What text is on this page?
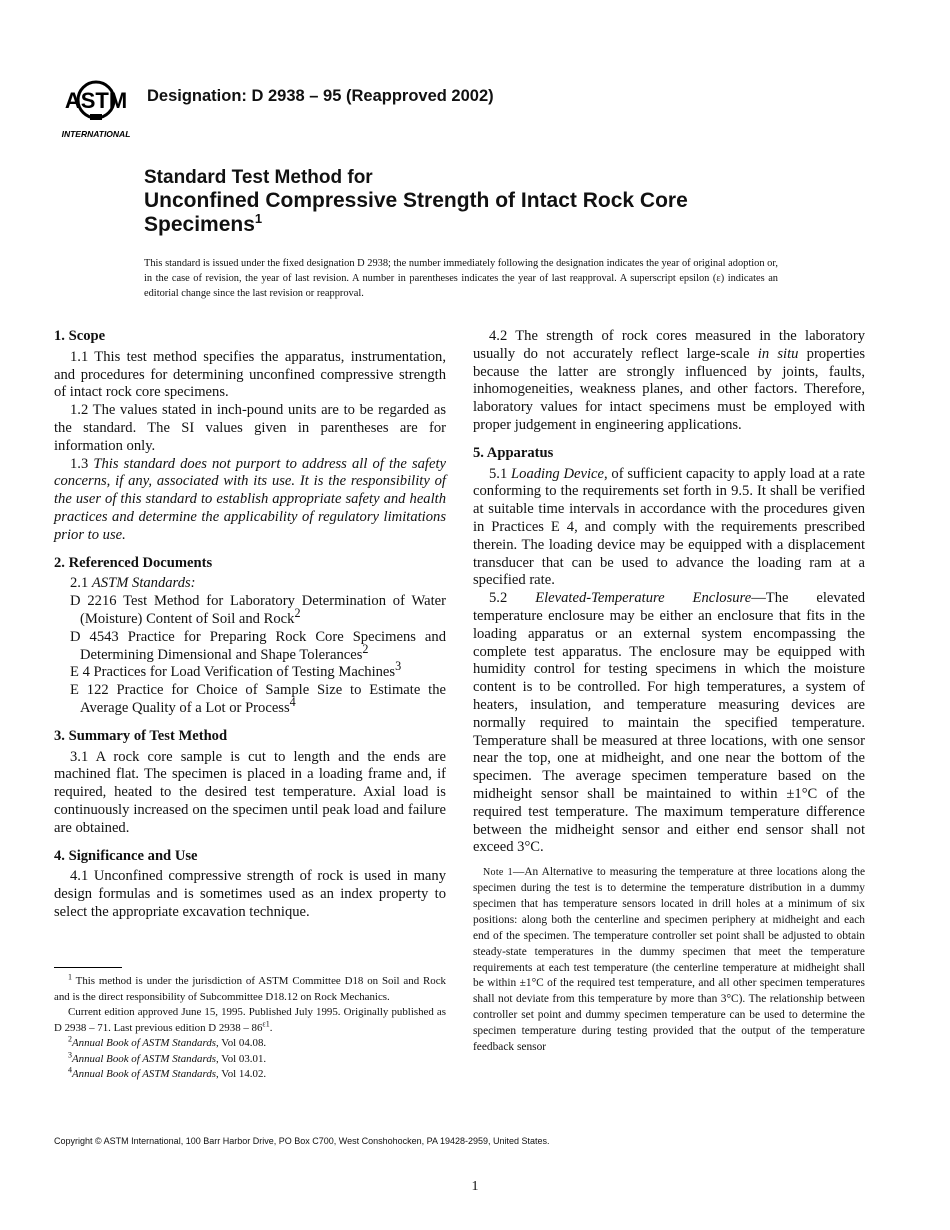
ASTM
INTERNATIONAL
Designation: D 2938 – 95 (Reapproved 2002)
Standard Test Method for
Unconfined Compressive Strength of Intact Rock Core
Specimens$^1$
This standard is issued under the fixed designation D 2938; the number immediately following the designation indicates the year of original adoption or, in the case of revision, the year of last revision. A number in parentheses indicates the year of last reapproval. A superscript epsilon (ε) indicates an editorial change since the last revision or reapproval.
1. Scope

1.1 This test method specifies the apparatus, instrumentation, and procedures for determining unconfined compressive strength of intact rock core specimens.

1.2 The values stated in inch-pound units are to be regarded as the standard. The SI values given in parentheses are for information only.

1.3 This standard does not purport to address all of the safety concerns, if any, associated with its use. It is the responsibility of the user of this standard to establish appropriate safety and health practices and determine the applicability of regulatory limitations prior to use.

2. Referenced Documents

2.1 ASTM Standards:

D 2216 Test Method for Laboratory Determination of Water (Moisture) Content of Soil and Rock$^2$

D 4543 Practice for Preparing Rock Core Specimens and Determining Dimensional and Shape Tolerances$^2$

E 4 Practices for Load Verification of Testing Machines$^3$

E 122 Practice for Choice of Sample Size to Estimate the Average Quality of a Lot or Process$^4$

3. Summary of Test Method

3.1 A rock core sample is cut to length and the ends are machined flat. The specimen is placed in a loading frame and, if required, heated to the desired test temperature. Axial load is continuously increased on the specimen until peak load and failure are obtained.

4. Significance and Use

4.1 Unconfined compressive strength of rock is used in many design formulas and is sometimes used as an index property to select the appropriate excavation technique.

4.2 The strength of rock cores measured in the laboratory usually do not accurately reflect large-scale in situ properties because the latter are strongly influenced by joints, faults, inhomogeneities, weakness planes, and other factors. Therefore, laboratory values for intact specimens must be employed with proper judgement in engineering applications.

5. Apparatus

5.1 Loading Device, of sufficient capacity to apply load at a rate conforming to the requirements set forth in 9.5. It shall be verified at suitable time intervals in accordance with the procedures given in Practices E 4, and comply with the requirements prescribed therein. The loading device may be equipped with a displacement transducer that can be used to advance the loading ram at a specified rate.

5.2 Elevated-Temperature Enclosure—The elevated temperature enclosure may be either an enclosure that fits in the loading apparatus or an external system encompassing the complete test apparatus. The enclosure may be equipped with humidity control for testing specimens in which the moisture content is to be controlled. For high temperatures, a system of heaters, insulation, and temperature measuring devices are normally required to maintain the specified temperature. Temperature shall be measured at three locations, with one sensor near the top, one at midheight, and one near the bottom of the specimen. The average specimen temperature based on the midheight sensor shall be maintained to within ±1°C of the required test temperature. The maximum temperature difference between the midheight sensor and either end sensor shall not exceed 3°C.

Note 1—An Alternative to measuring the temperature at three locations along the specimen during the test is to determine the temperature distribution in a dummy specimen that has temperature sensors located in drill holes at a minimum of six positions: along both the centerline and specimen periphery at midheight and each end of the specimen. The temperature controller set point shall be adjusted to obtain steady-state temperatures in the dummy specimen that meet the temperature requirements at each test temperature (the centerline temperature at midheight shall be within ±1°C of the required test temperature, and all other specimen temperatures shall not deviate from this temperature by more than 3°C). The relationship between controller set point and dummy specimen temperature can be used to determine the specimen temperature during testing provided that the output of the temperature feedback sensor

$^1$ This method is under the jurisdiction of ASTM Committee D18 on Soil and Rock and is the direct responsibility of Subcommittee D18.12 on Rock Mechanics.

Current edition approved June 15, 1995. Published July 1995. Originally published as D 2938 – 71. Last previous edition D $2938 - 86^{\varepsilon 1}$.

$^2$Annual Book of ASTM Standards, Vol 04.08.

$^3$Annual Book of ASTM Standards, Vol 03.01.

$^4$Annual Book of ASTM Standards, Vol 14.02.

Copyright © ASTM International, 100 Barr Harbor Drive, PO Box C700, West Conshohocken, PA 19428-2959, United States.
1
